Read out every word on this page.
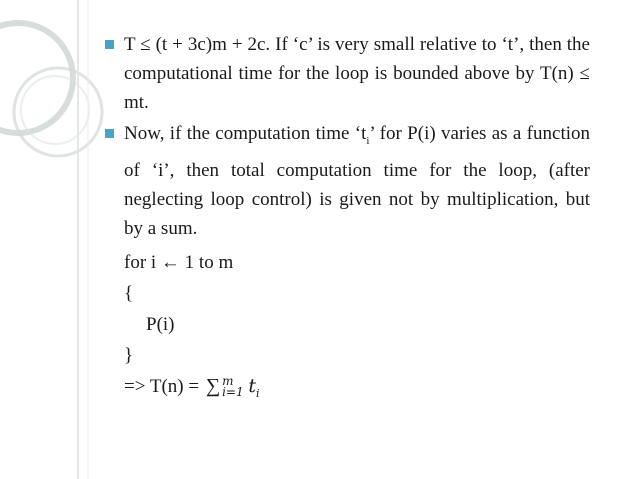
T ≤ (t + 3c)m + 2c. If ‘c’ is very small relative to ‘t’, then the computational time for the loop is bounded above by T(n) ≤ mt.
Now, if the computation time ‘$t_i$’ for P(i) varies as a function of ‘i’, then total computation time for the loop, (after neglecting loop control) is given not by multiplication, but by a sum.
for i ← 1 to m
{
P(i)
}
=> T(n) = ∑ m
i=1 $t_i$
